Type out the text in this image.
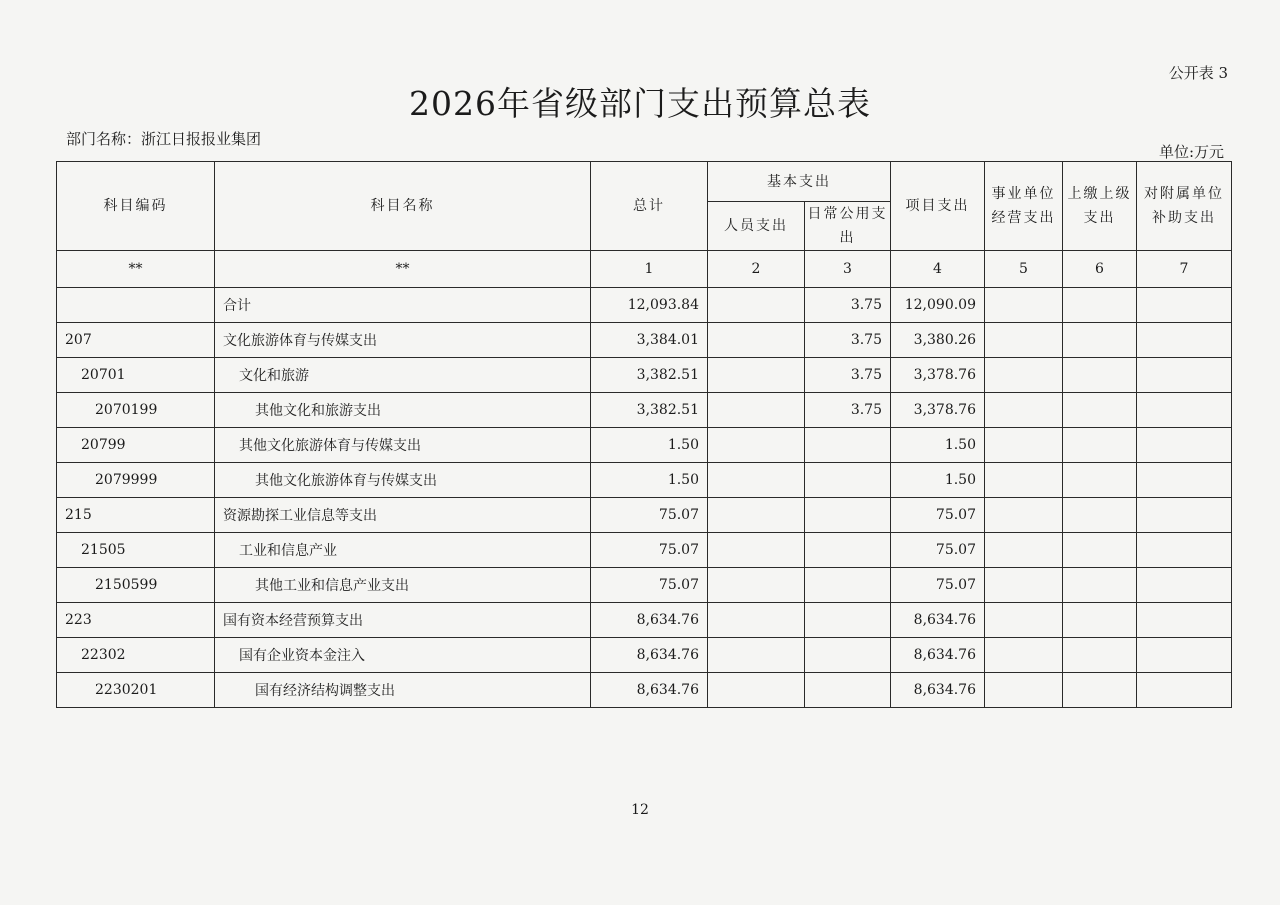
公开表 3
2026年省级部门支出预算总表
部门名称：浙江日报报业集团
单位:万元
科目编码	科目名称	总计	基本支出		项目支出	事业单位经营支出	上缴上级支出	对附属单位补助支出
			人员支出	日常公用支出				
**	**	1	2	3	4	5	6	7
	合计	12,093.84		3.75	12,090.09			
207	文化旅游体育与传媒支出	3,384.01		3.75	3,380.26			
20701	文化和旅游	3,382.51		3.75	3,378.76			
2070199	其他文化和旅游支出	3,382.51		3.75	3,378.76			
20799	其他文化旅游体育与传媒支出	1.50			1.50			
2079999	其他文化旅游体育与传媒支出	1.50			1.50			
215	资源勘探工业信息等支出	75.07			75.07			
21505	工业和信息产业	75.07			75.07			
2150599	其他工业和信息产业支出	75.07			75.07			
223	国有资本经营预算支出	8,634.76			8,634.76			
22302	国有企业资本金注入	8,634.76			8,634.76			
2230201	国有经济结构调整支出	8,634.76			8,634.76			
12
